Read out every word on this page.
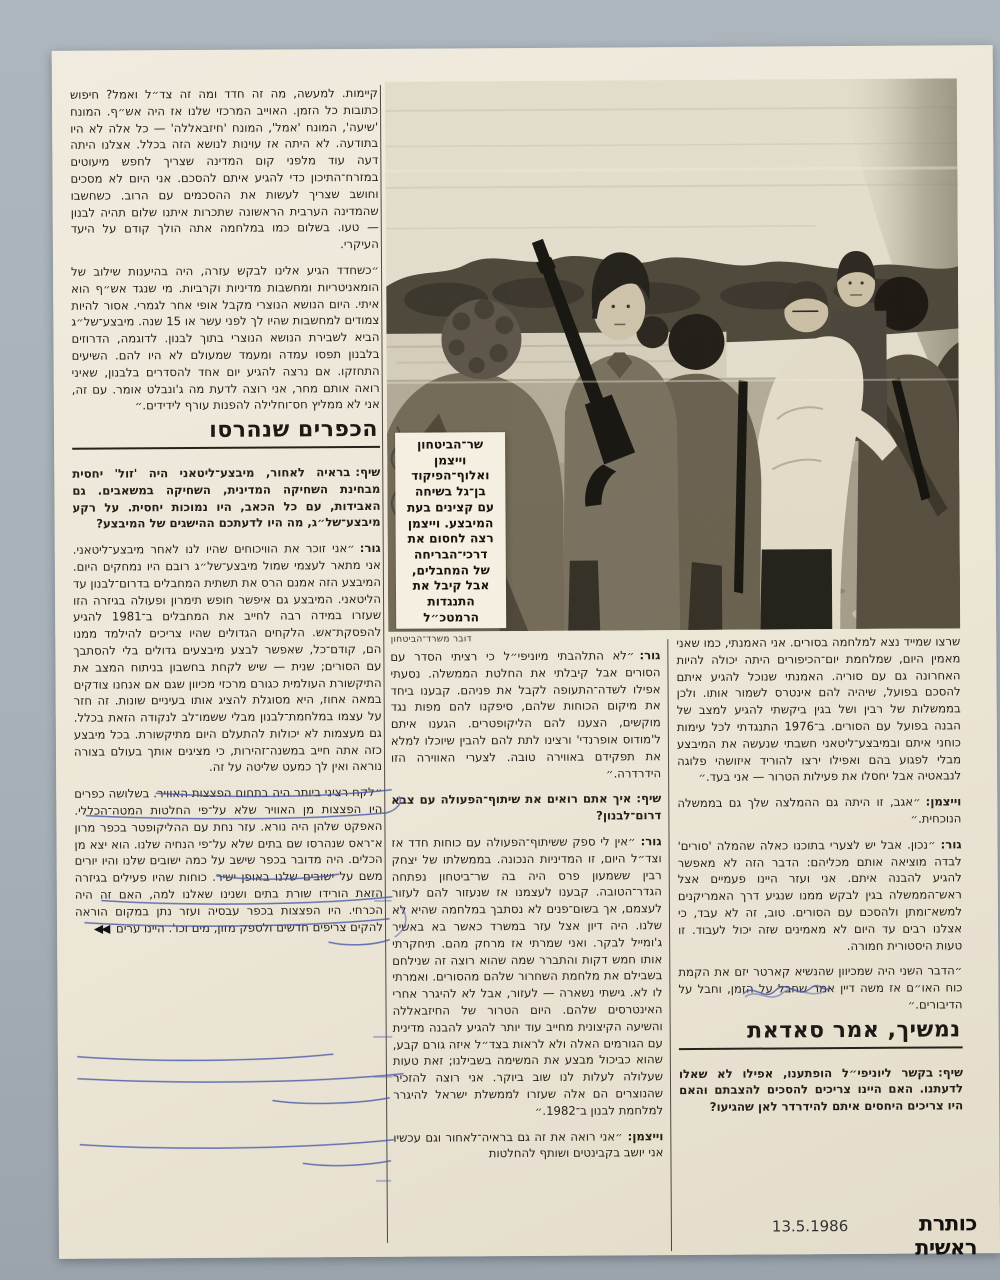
שר־הביטחון
וייצמן
ואלוף־הפיקוד
בן־גל בשיחה
עם קצינים בעת
המיבצע. וייצמן
רצה לחסום את
דרכי־הבריחה
של המחבלים,
אבל קיבל את
התנגדות
הרמטכ״ל
דובר משרד־הביטחון

קיימות. למעשה, מה זה חדד ומה זה צד״ל ואמל? חיפוש כתובות כל הזמן. האוייב המרכזי שלנו אז היה אש״ף. המונח 'שיעה', המונח 'אמל', המונח 'חיזבאללה' — כל אלה לא היו בתודעה. לא היתה אז עוינות לנושא הזה בכלל. אצלנו היתה דעה עוד מלפני קום המדינה שצריך לחפש מיעוטים במזרח־התיכון כדי להגיע איתם להסכם. אני היום לא מסכים וחושב שצריך לעשות את ההסכמים עם הרוב. כשחשבו שהמדינה הערבית הראשונה שתכרות איתנו שלום תהיה לבנון — טעו. בשלום כמו במלחמה אתה הולך קודם על היעד העיקרי.

״כשחדד הגיע אלינו לבקש עזרה, היה בהיענות שילוב של הומאניטריות ומחשבות מדיניות וקרביות. מי שנגד אש״ף הוא איתי. היום הנושא הנוצרי מקבל אופי אחר לגמרי. אסור להיות צמודים למחשבות שהיו לך לפני עשר או 15 שנה. מיבצע־של״ג הביא לשבירת הנושא הנוצרי בתוך לבנון. לדוגמה, הדרוזים בלבנון תפסו עמדה ומעמד שמעולם לא היו להם. השיעים התחזקו. אם נרצה להגיע יום אחד להסדרים בלבנון, שאיני רואה אותם מחר, אני רוצה לדעת מה ג'ונבלט אומר. עם זה, אני לא ממליץ חס־וחלילה להפנות עורף לידידים.״

הכפרים שנהרסו

שיף:בראיה לאחור, מיבצע־ליטאני היה 'זול' יחסית מבחינת השחיקה המדינית, השחיקה במשאבים. גם האבידות, עם כל הכאב, היו נמוכות יחסית. על רקע מיבצע־של״ג, מה היו לדעתכם ההישגים של המיבצע?

גור:״אני זוכר את הוויכוחים שהיו לנו לאחר מיבצע־ליטאני. אני מתאר לעצמי שמול מיבצע־של״ג רובם היו נמחקים היום. המיבצע הזה אמנם הרס את תשתית המחבלים בדרום־לבנון עד הליטאני. המיבצע גם איפשר חופש תימרון ופעולה בגיזרה הזו שעזרו במידה רבה לחייב את המחבלים ב־1981 להגיע להפסקת־אש. הלקחים הגדולים שהיו צריכים להילמד ממנו הם, קודם־כל, שאפשר לבצע מיבצעים גדולים בלי להסתבך עם הסורים; שנית — שיש לקחת בחשבון בניתוח המצב את התיקשורת העולמית כגורם מרכזי מכיוון שגם אם אנחנו צודקים במאה אחוז, היא מסוגלת להציג אותו בעיניים שונות. זה חזר על עצמו במלחמת־לבנון מבלי ששמו־לב לנקודה הזאת בכלל. גם מעצמות לא יכולות להתעלם היום מתיקשורת. בכל מיבצע כזה אתה חייב במשנה־זהירות, כי מציגים אותך בעולם בצורה נוראה ואין לך כמעט שליטה על זה.

״לקח רציני ביותר היה בתחום הפצצות האוויר. בשלושה כפרים היו הפצצות מן האוויר שלא על־פי החלטות המטה־הכללי. האפקט שלהן היה נורא. עזר נחת עם ההליקופטר בכפר מרון א־ראס שנהרסו שם בתים שלא על־פי הנחיה שלנו. הוא יצא מן הכלים. היה מדובר בכפר שישב על כמה ישובים שלנו והיו יורים משם על ישובים שלנו באופן ישיר. כוחות שהיו פעילים בגיזרה הזאת הורידו שורת בתים ושנינו שאלנו למה, האם זה היה הכרחי. היו הפצצות בכפר עבסיה ועזר נתן במקום הוראה להקים צריפים חדשים ולספק מזון, מים וכו'. היינו ערים ◀◀

גור:״לא התלהבתי מיוניפי״ל כי רציתי הסדר עם הסורים אבל קיבלתי את החלטת הממשלה. נסעתי אפילו לשדה־התעופה לקבל את פניהם. קבענו ביחד את מיקום הכוחות שלהם, סיפקנו להם מפות נגד מוקשים, הצענו להם הליקופטרים. הגענו איתם ל'מודוס אופרנדי' ורצינו לתת להם להבין שיוכלו למלא את תפקידם באווירה טובה. לצערי האווירה הזו הידרדרה.״

שיף:איך אתם רואים את שיתוף־הפעולה עם צבא דרום־לבנון?

גור:״אין לי ספק ששיתוף־הפעולה עם כוחות חדד אז וצד״ל היום, זו המדיניות הנכונה. בממשלתו של יצחק רבין ששמעון פרס היה בה שר־ביטחון נפתחה הגדר־הטובה. קבענו לעצמנו אז שנעזור להם לעזור לעצמם, אך בשום־פנים לא נסתבך במלחמה שהיא לא שלנו. היה דיון אצל עזר במשרד כאשר בא באשיר ג'ומייל לבקר. ואני שמרתי אז מרחק מהם. תיחקרתי אותו חמש דקות והתברר שמה שהוא רוצה זה שנילחם בשבילם את מלחמת השחרור שלהם מהסורים. ואמרתי לו לא. גישתי נשארה — לעזור, אבל לא להיגרר אחרי האינטרסים שלהם. היום הטרור של החיזבאללה והשיעה הקיצונית מחייב עוד יותר להגיע להבנה מדינית עם הגורמים האלה ולא לראות בצד״ל איזה גורם קבע, שהוא כביכול מבצע את המשימה בשבילנו; זאת טעות שעלולה לעלות לנו שוב ביוקר. אני רוצה להזכיר שהנוצרים הם אלה שעזרו לממשלת ישראל להיגרר למלחמת לבנון ב־1982.״

וייצמן:״אני רואה את זה גם בראיה־לאחור וגם עכשיו אני יושב בקבינטים ושותף להחלטות

שרצו שמייד נצא למלחמה בסורים. אני האמנתי, כמו שאני מאמין היום, שמלחמת יום־הכיפורים היתה יכולה להיות האחרונה גם עם סוריה. האמנתי שנוכל להגיע איתם להסכם בפועל, שיהיה להם אינטרס לשמור אותו. ולכן בממשלות של רבין ושל בגין ביקשתי להגיע למצב של הבנה בפועל עם הסורים. ב־1976 התנגדתי לכל עימות כוחני איתם ובמיבצע־ליטאני חשבתי שנעשה את המיבצע מבלי לפגוע בהם ואפילו ירצו להוריד איזושהי פלוגה לנבאטיה אבל יחסלו את פעילות הטרור — אני בעד.״

וייצמן:״אגב, זו היתה גם ההמלצה שלך גם בממשלה הנוכחית.״

גור:״נכון. אבל יש לצערי בתוכנו כאלה שהמלה 'סורים' לבדה מוציאה אותם מכליהם: הדבר הזה לא מאפשר להגיע להבנה איתם. אני ועזר היינו פעמיים אצל ראש־הממשלה בגין לבקש ממנו שנגיע דרך האמריקנים למשא־ומתן ולהסכם עם הסורים. טוב, זה לא עבד, כי אצלנו רבים עד היום לא מאמינים שזה יכול לעבוד. זו טעות היסטורית חמורה.

״הדבר השני היה שמכיוון שהנשיא קארטר יזם את הקמת כוח האו״ם אז משה דיין אמר שחבל על הזמן, וחבל על הדיבורים.״

נמשיך, אמר סאדאת

שיף:בקשר ליוניפי״ל הופתענו, אפילו לא שאלו לדעתנו. האם היינו צריכים להסכים להצבתם והאם היו צריכים היחסים איתם להידרדר לאן שהגיעו?

כותרת ראשית
13.5.1986
